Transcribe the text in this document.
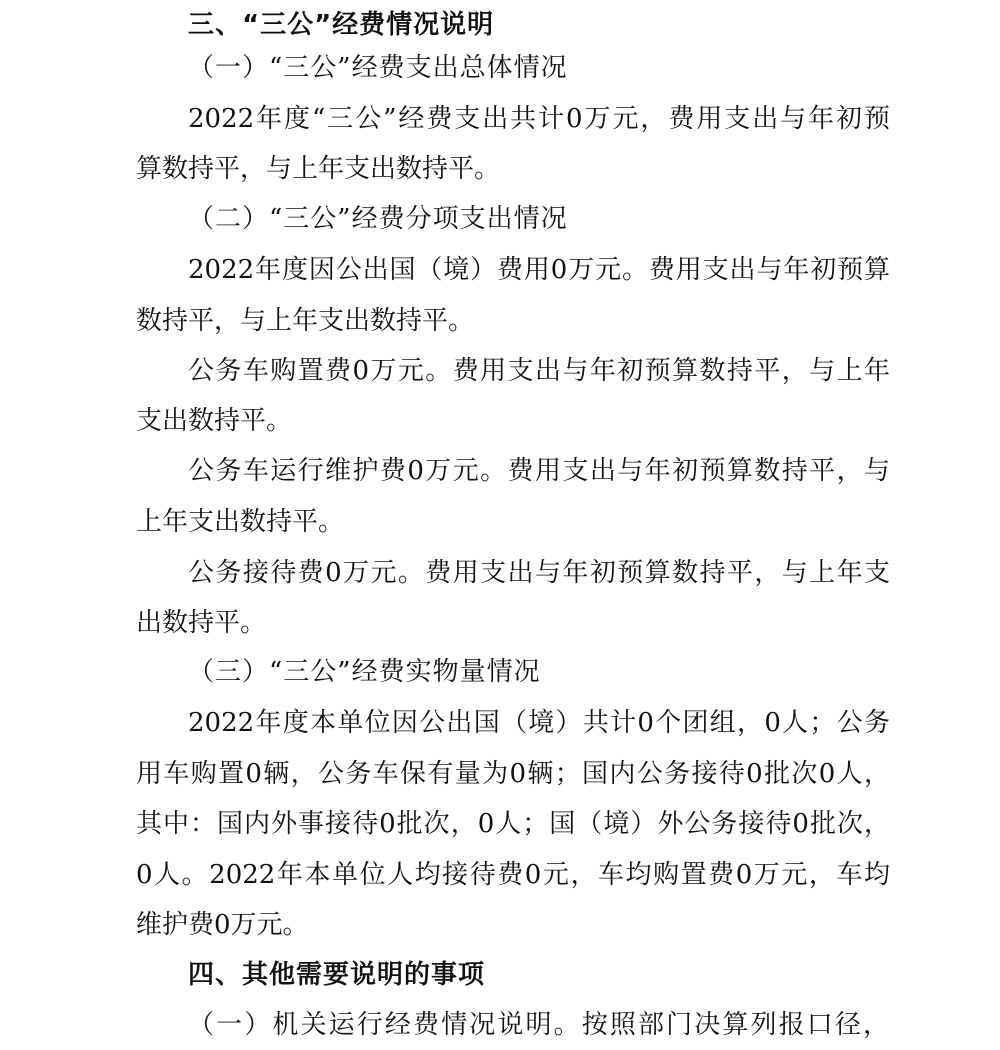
三、“三公”经费情况说明
（一）“三公”经费支出总体情况
2022年度“三公”经费支出共计0万元，费用支出与年初预
算数持平，与上年支出数持平。
（二）“三公”经费分项支出情况
2022年度因公出国（境）费用0万元。费用支出与年初预算
数持平，与上年支出数持平。
公务车购置费0万元。费用支出与年初预算数持平，与上年
支出数持平。
公务车运行维护费0万元。费用支出与年初预算数持平，与
上年支出数持平。
公务接待费0万元。费用支出与年初预算数持平，与上年支
出数持平。
（三）“三公”经费实物量情况
2022年度本单位因公出国（境）共计0个团组，0人；公务
用车购置0辆，公务车保有量为0辆；国内公务接待0批次0人，
其中：国内外事接待0批次，0人；国（境）外公务接待0批次，
0人。2022年本单位人均接待费0元，车均购置费0万元，车均
维护费0万元。
四、其他需要说明的事项
（一）机关运行经费情况说明。按照部门决算列报口径，
